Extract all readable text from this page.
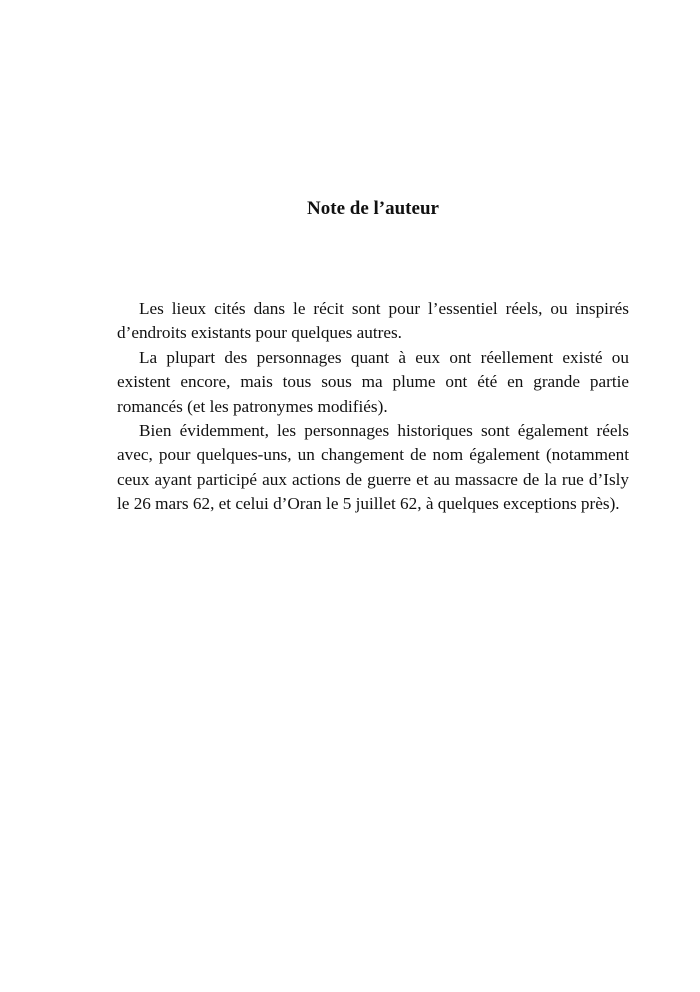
Note de l’auteur

Les lieux cités dans le récit sont pour l’essentiel réels, ou inspirés d’endroits existants pour quelques autres.

La plupart des personnages quant à eux ont réellement existé ou existent encore, mais tous sous ma plume ont été en grande partie romancés (et les patronymes modifiés).

Bien évidemment, les personnages historiques sont également réels avec, pour quelques-uns, un changement de nom également (notamment ceux ayant participé aux actions de guerre et au massacre de la rue d’Isly le 26 mars 62, et celui d’Oran le 5 juillet 62, à quelques exceptions près).
